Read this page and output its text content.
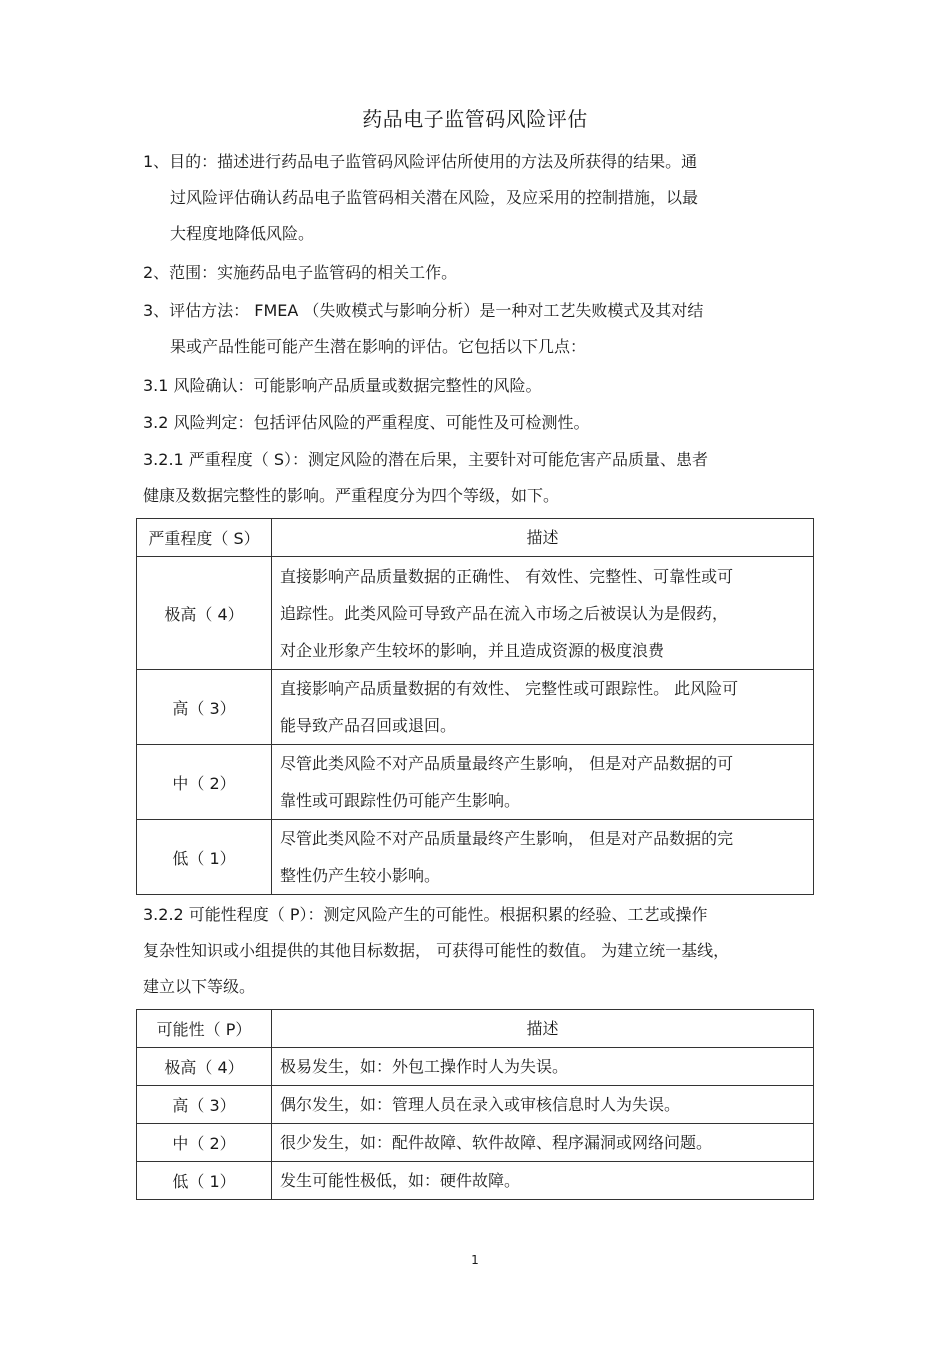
药品电子监管码风险评估
1、目的：描述进行药品电子监管码风险评估所使用的方法及所获得的结果。通
过风险评估确认药品电子监管码相关潜在风险，及应采用的控制措施，以最
大程度地降低风险。
2、范围：实施药品电子监管码的相关工作。
3、评估方法： FMEA （失败模式与影响分析）是一种对工艺失败模式及其对结
果或产品性能可能产生潜在影响的评估。它包括以下几点：
3.1 风险确认：可能影响产品质量或数据完整性的风险。
3.2 风险判定：包括评估风险的严重程度、可能性及可检测性。
3.2.1 严重程度（ S）：测定风险的潜在后果，主要针对可能危害产品质量、患者
健康及数据完整性的影响。严重程度分为四个等级，如下。
严重程度（ S）	描述
极高（ 4）	直接影响产品质量数据的正确性、 有效性、完整性、可靠性或可
追踪性。此类风险可导致产品在流入市场之后被误认为是假药，
对企业形象产生较坏的影响，并且造成资源的极度浪费

高（ 3）	直接影响产品质量数据的有效性、 完整性或可跟踪性。 此风险可
能导致产品召回或退回。

中（ 2）	尽管此类风险不对产品质量最终产生影响， 但是对产品数据的可
靠性或可跟踪性仍可能产生影响。

低（ 1）	尽管此类风险不对产品质量最终产生影响， 但是对产品数据的完
整性仍产生较小影响。
3.2.2 可能性程度（ P）：测定风险产生的可能性。根据积累的经验、工艺或操作
复杂性知识或小组提供的其他目标数据， 可获得可能性的数值。 为建立统一基线，
建立以下等级。
可能性（ P）	描述
极高（ 4）	极易发生，如：外包工操作时人为失误。
高（ 3）	偶尔发生，如：管理人员在录入或审核信息时人为失误。
中（ 2）	很少发生，如：配件故障、软件故障、程序漏洞或网络问题。
低（ 1）	发生可能性极低，如：硬件故障。
1
